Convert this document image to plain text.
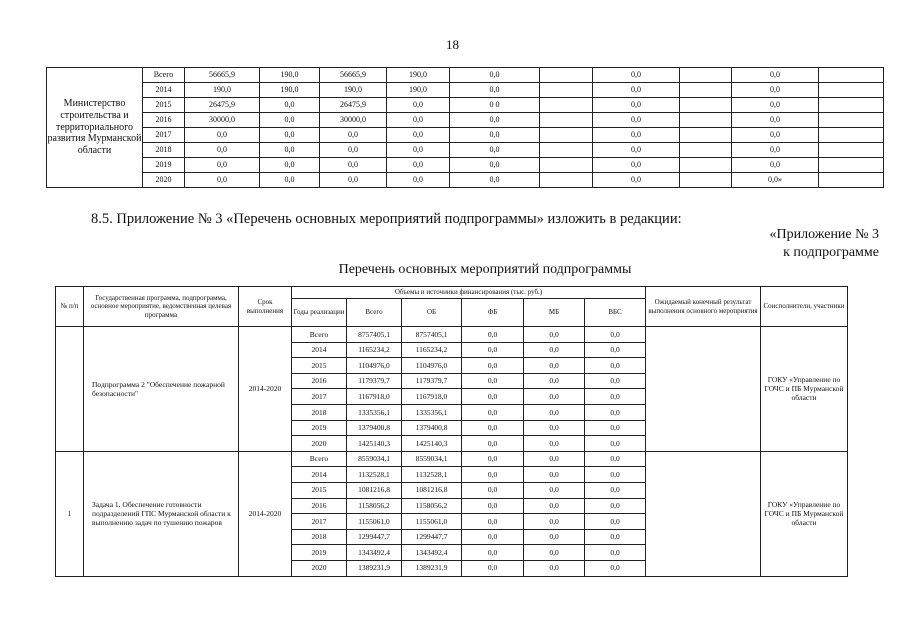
18
Министерство строительства и территориального развития Мурманской области	Всего	56665,9	190,0	56665,9	190,0	0,0		0,0		0,0	
	2014	190,0	190,0	190,0	190,0	0,0		0,0		0,0	
	2015	26475,9	0,0	26475,9	0,0	0 0		0,0		0,0	
	2016	30000,0	0,0	30000,0	0,0	0,0		0,0		0,0	
	2017	0,0	0,0	0,0	0,0	0,0		0,0		0,0	
	2018	0,0	0,0	0,0	0,0	0,0		0,0		0,0	
	2019	0,0	0,0	0,0	0,0	0,0		0,0		0,0	
	2020	0,0	0,0	0,0	0,0	0,0		0,0		0,0»	
8.5. Приложение № 3 «Перечень основных мероприятий подпрограммы» изложить в редакции:
«Приложение № 3
к подпрограмме
Перечень основных мероприятий подпрограммы
№ п/п	Государственная программа, подпрограмма, основное мероприятие, ведомственная целевая программа	Срок выполнения	Объемы и источники финансирования (тыс. руб.)						Ожидаемый конечный результат выполнения основного мероприятия	Соисполнители, участники
			Годы реализации	Всего	ОБ	ФБ	МБ	ВБС		
	Подпрограмма 2 "Обеспечение пожарной безопасности"	2014-2020	Всего	8757405,1	8757405,1	0,0	0,0	0,0		ГОКУ «Управление по ГОЧС и ПБ Мурманской области
			2014	1165234,2	1165234,2	0,0	0,0	0,0		
			2015	1104976,0	1104976,0	0,0	0,0	0,0		
			2016	1179379,7	1179379,7	0,0	0,0	0,0		
			2017	1167918,0	1167918,0	0,0	0,0	0,0		
			2018	1335356,1	1335356,1	0,0	0,0	0,0		
			2019	1379400,8	1379400,8	0,0	0,0	0,0		
			2020	1425140,3	1425140,3	0,0	0,0	0,0		
1	Задача 1. Обеспечение готовности подразделений ГПС Мурманской области к выполнению задач по тушению пожаров	2014-2020	Всего	8559034,1	8559034,1	0,0	0,0	0,0		ГОКУ «Управление по ГОЧС и ПБ Мурманской области
			2014	1132528,1	1132528,1	0,0	0,0	0,0		
			2015	1081216,8	1081216,8	0,0	0,0	0,0		
			2016	1158056,2	1158056,2	0,0	0,0	0,0		
			2017	1155061,0	1155061,0	0,0	0,0	0,0		
			2018	1299447,7	1299447,7	0,0	0,0	0,0		
			2019	1343492,4	1343492,4	0,0	0,0	0,0		
			2020	1389231,9	1389231,9	0,0	0,0	0,0		
